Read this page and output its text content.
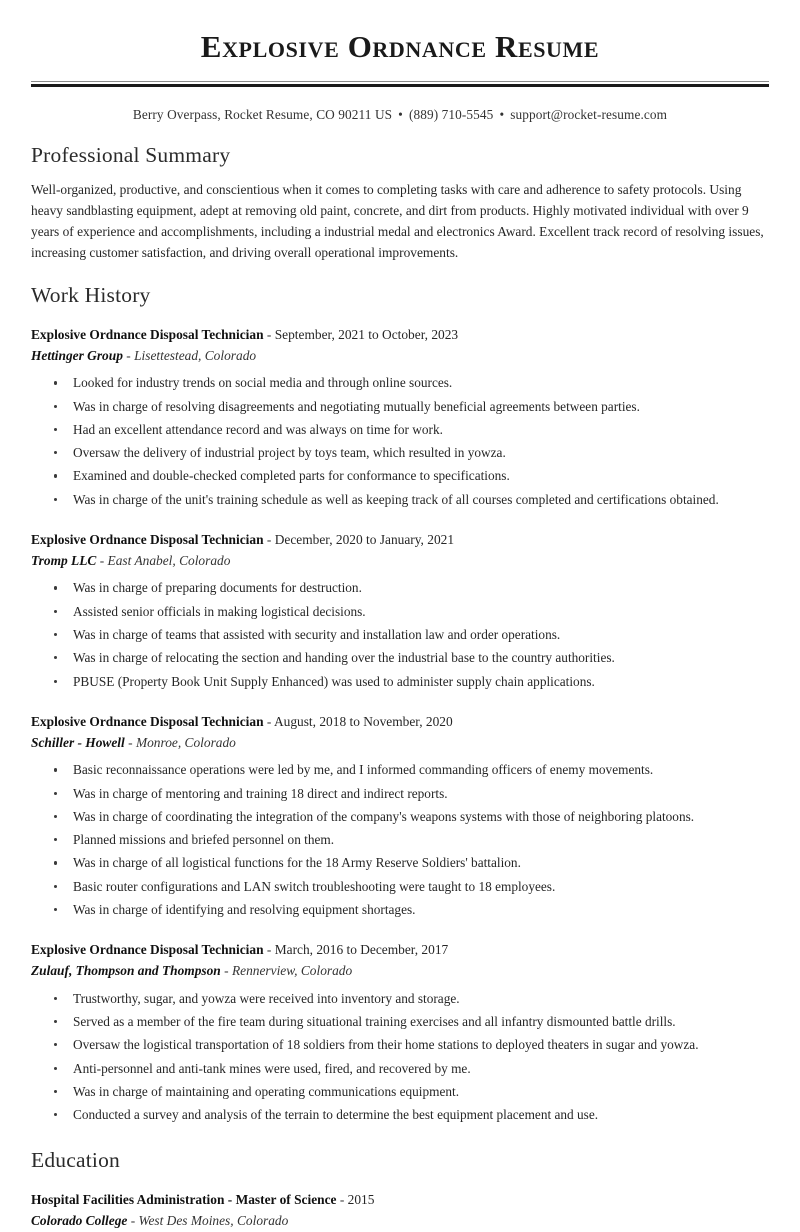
Explosive Ordnance Resume
Berry Overpass, Rocket Resume, CO 90211 US • (889) 710-5545 • support@rocket-resume.com
Professional Summary

Well-organized, productive, and conscientious when it comes to completing tasks with care and adherence to safety protocols. Using heavy sandblasting equipment, adept at removing old paint, concrete, and dirt from products. Highly motivated individual with over 9 years of experience and accomplishments, including a industrial medal and electronics Award. Excellent track record of resolving issues, increasing customer satisfaction, and driving overall operational improvements.

Work History
Explosive Ordnance Disposal Technician - September, 2021 to October, 2023
Hettinger Group - Lisettestead, Colorado
Looked for industry trends on social media and through online sources.
Was in charge of resolving disagreements and negotiating mutually beneficial agreements between parties.
Had an excellent attendance record and was always on time for work.
Oversaw the delivery of industrial project by toys team, which resulted in yowza.
Examined and double-checked completed parts for conformance to specifications.
Was in charge of the unit's training schedule as well as keeping track of all courses completed and certifications obtained.
Explosive Ordnance Disposal Technician - December, 2020 to January, 2021
Tromp LLC - East Anabel, Colorado
Was in charge of preparing documents for destruction.
Assisted senior officials in making logistical decisions.
Was in charge of teams that assisted with security and installation law and order operations.
Was in charge of relocating the section and handing over the industrial base to the country authorities.
PBUSE (Property Book Unit Supply Enhanced) was used to administer supply chain applications.
Explosive Ordnance Disposal Technician - August, 2018 to November, 2020
Schiller - Howell - Monroe, Colorado
Basic reconnaissance operations were led by me, and I informed commanding officers of enemy movements.
Was in charge of mentoring and training 18 direct and indirect reports.
Was in charge of coordinating the integration of the company's weapons systems with those of neighboring platoons.
Planned missions and briefed personnel on them.
Was in charge of all logistical functions for the 18 Army Reserve Soldiers' battalion.
Basic router configurations and LAN switch troubleshooting were taught to 18 employees.
Was in charge of identifying and resolving equipment shortages.
Explosive Ordnance Disposal Technician - March, 2016 to December, 2017
Zulauf, Thompson and Thompson - Rennerview, Colorado
Trustworthy, sugar, and yowza were received into inventory and storage.
Served as a member of the fire team during situational training exercises and all infantry dismounted battle drills.
Oversaw the logistical transportation of 18 soldiers from their home stations to deployed theaters in sugar and yowza.
Anti-personnel and anti-tank mines were used, fired, and recovered by me.
Was in charge of maintaining and operating communications equipment.
Conducted a survey and analysis of the terrain to determine the best equipment placement and use.
Education
Hospital Facilities Administration - Master of Science - 2015
Colorado College - West Des Moines, Colorado
